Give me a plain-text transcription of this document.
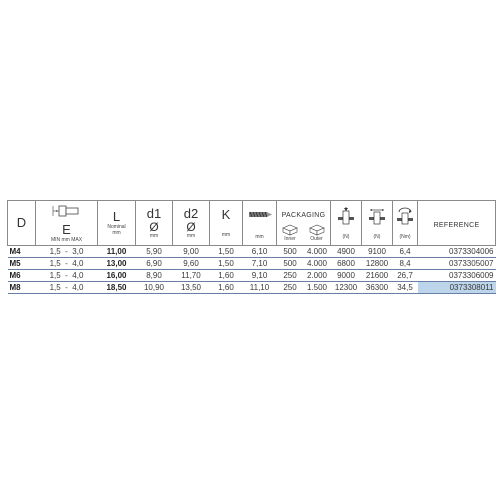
D	E
MIN mm MAX	L
Nominal
mm	d1
Ø
mm	d2
Ø
mm	K
mm	mm	PACKAGING
Inner Outer		(N)	(N)	(Nm)	REFERENCE
M4	1,5 - 3,0	11,00	5,90	9,00	1,50	6,10	500	4.000	4900	9100	6,4	0373304006
M5	1,5 - 4,0	13,00	6,90	9,60	1,50	7,10	500	4.000	6800	12800	8,4	0373305007
M6	1,5 - 4,0	16,00	8,90	11,70	1,60	9,10	250	2.000	9000	21600	26,7	0373306009
M8	1,5 - 4,0	18,50	10,90	13,50	1,60	11,10	250	1.500	12300	36300	34,5	0373308011
